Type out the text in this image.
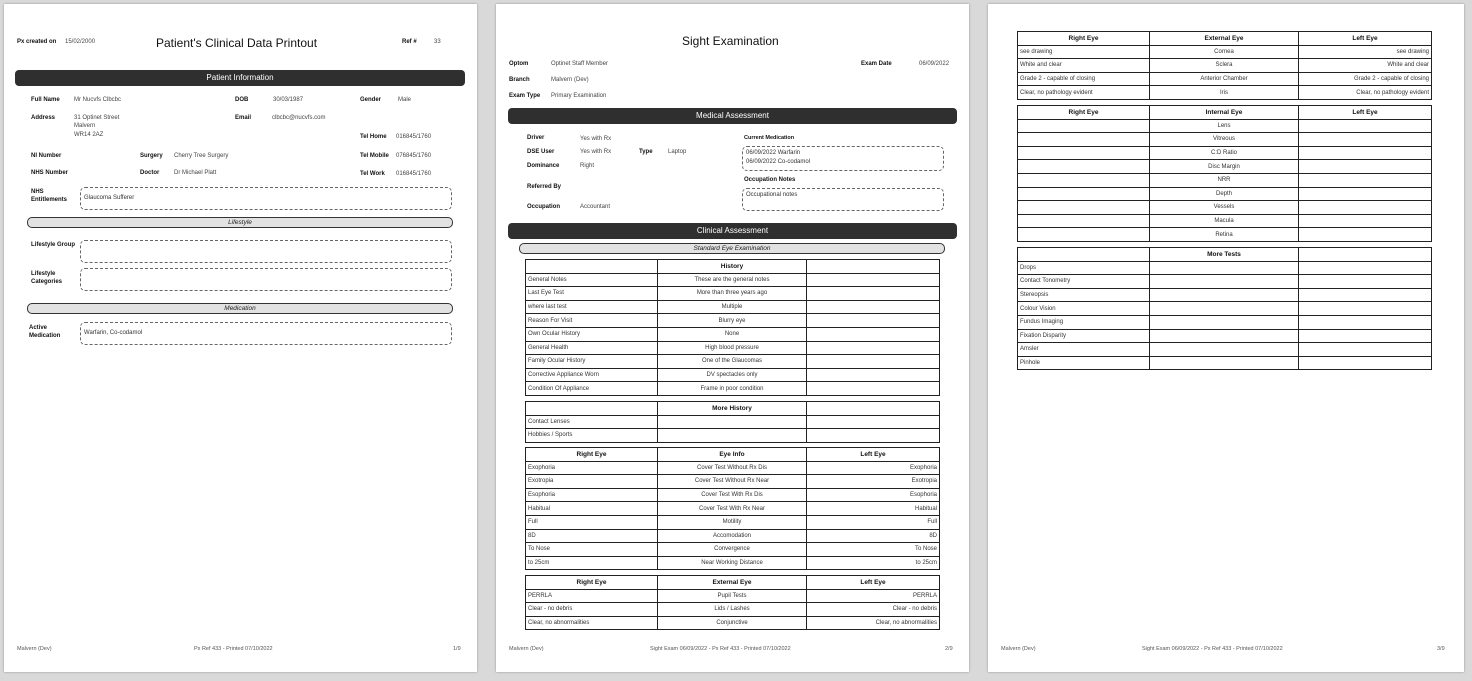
Px created on 15/02/2000	Patient's Clinical Data Printout	Ref #	33
Patient Information
Full Name Mr Nucvfs Clbcbc	DOB	30/03/1987	Gender	Male
Address	31 Optinet Street
Malvern
WR14 2AZ
Email	clbcbc@nucvfs.com
Tel Home 016845/1760
NI Number	Surgery Cherry Tree Surgery	Tel Mobile 076845/1760
NHS Number	Doctor Dr Michael Platt	Tel Work 016845/1760
NHS
Entitlements	Glaucoma Sufferer
Lifestyle
Lifestyle Group
Lifestyle
Categories
Medication
Active
Medication	Warfarin, Co-codamol
Malvern (Dev)	Px Ref 433 - Printed 07/10/2022	1/9
Sight Examination
Optom	Optinet Staff Member	Exam Date	06/09/2022
Branch	Malvern (Dev)
Exam Type Primary Examination
Medical Assessment
Driver	Yes with Rx
DSE User	Yes with Rx	Type	Laptop
Dominance	Right
Referred By
Occupation	Accountant
Current Medication
06/09/2022 Warfarin
06/09/2022 Co-codamol
Occupation Notes
Occupational notes
Clinical Assessment
Standard Eye Examination
	History	
General Notes	These are the general notes	
Last Eye Test	More than three years ago	
where last test	Multiple	
Reason For Visit	Blurry eye	
Own Ocular History	None	
General Health	High blood pressure	
Family Ocular History	One of the Glaucomas	
Corrective Appliance Worn	DV spectacles only	
Condition Of Appliance	Frame in poor condition	
	More History	
Contact Lenses		
Hobbies / Sports		
Right Eye	Eye Info	Left Eye
Exophoria	Cover Test Without Rx Dis	Exophoria
Exotropia	Cover Test Without Rx Near	Exotropia
Esophoria	Cover Test With Rx Dis	Esophoria
Habitual	Cover Test With Rx Near	Habitual
Full	Motility	Full
8D	Accomodation	8D
To Nose	Convergence	To Nose
to 25cm	Near Working Distance	to 25cm
Right Eye	External Eye	Left Eye
PERRLA	Pupil Tests	PERRLA
Clear - no debris	Lids / Lashes	Clear - no debris
Clear, no abnormalities	Conjunctive	Clear, no abnormalities
Malvern (Dev)	Sight Exam 06/09/2022 - Px Ref 433 - Printed 07/10/2022	2/9
Right Eye	External Eye	Left Eye
see drawing	Cornea	see drawing
White and clear	Sclera	White and clear
Grade 2 - capable of closing	Anterior Chamber	Grade 2 - capable of closing
Clear, no pathology evident	Iris	Clear, no pathology evident
Right Eye	Internal Eye	Left Eye
	Lens	
	Vitreous	
	C:D Ratio	
	Disc Margin	
	NRR	
	Depth	
	Vessels	
	Macula	
	Retina	
	More Tests	
Drops		
Contact Tonometry		
Stereopsis		
Colour Vision		
Fundus Imaging		
Fixation Disparity		
Amsler		
Pinhole		
Malvern (Dev)	Sight Exam 06/09/2022 - Px Ref 433 - Printed 07/10/2022	3/9
